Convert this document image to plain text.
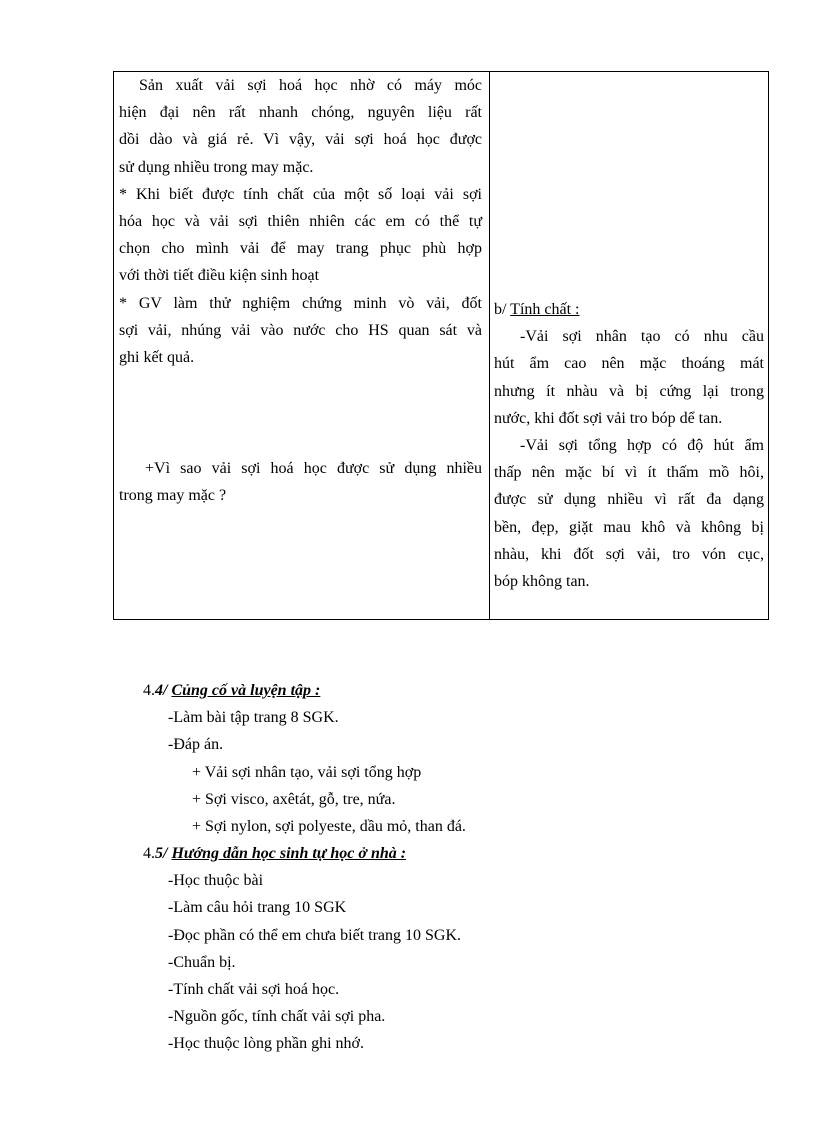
Sản xuất vải sợi hoá học nhờ có máy móc

hiện đại nên rất nhanh chóng, nguyên liệu rất

dồi dào và giá rẻ. Vì vậy, vải sợi hoá học được

sử dụng nhiều trong may mặc.

* Khi biết được tính chất của một số loại vải sợi

hóa học và vải sợi thiên nhiên các em có thể tự

chọn cho mình vải để may trang phục phù hợp

với thời tiết điều kiện sinh hoạt

* GV làm thử nghiệm chứng minh vò vải, đốt

sợi vải, nhúng vải vào nước cho HS quan sát và

ghi kết quả.

+Vì sao vải sợi hoá học được sử dụng nhiều

trong may mặc ?

b/ Tính chất :

-Vải sợi nhân tạo có nhu cầu

hút ẩm cao nên mặc thoáng mát

nhưng ít nhàu và bị cứng lại trong

nước, khi đốt sợi vải tro bóp dể tan.

-Vải sợi tổng hợp có độ hút ẩm

thấp nên mặc bí vì ít thấm mồ hôi,

được sử dụng nhiều vì rất đa dạng

bền, đẹp, giặt mau khô và không bị

nhàu, khi đốt sợi vải, tro vón cục,

bóp không tan.

4.4/ Củng cố và luyện tập :
-Làm bài tập trang 8 SGK.
-Đáp án.
+ Vải sợi nhân tạo, vải sợi tổng hợp
+ Sợi visco, axêtát, gỗ, tre, nứa.
+ Sợi nylon, sợi polyeste, dầu mỏ, than đá.
4.5/ Hướng dẫn học sinh tự học ở nhà :
-Học thuộc bài
-Làm câu hỏi trang 10 SGK
-Đọc phần có thể em chưa biết trang 10 SGK.
-Chuẩn bị.
-Tính chất vải sợi hoá học.
-Nguồn gốc, tính chất vải sợi pha.
-Học thuộc lòng phần ghi nhớ.
